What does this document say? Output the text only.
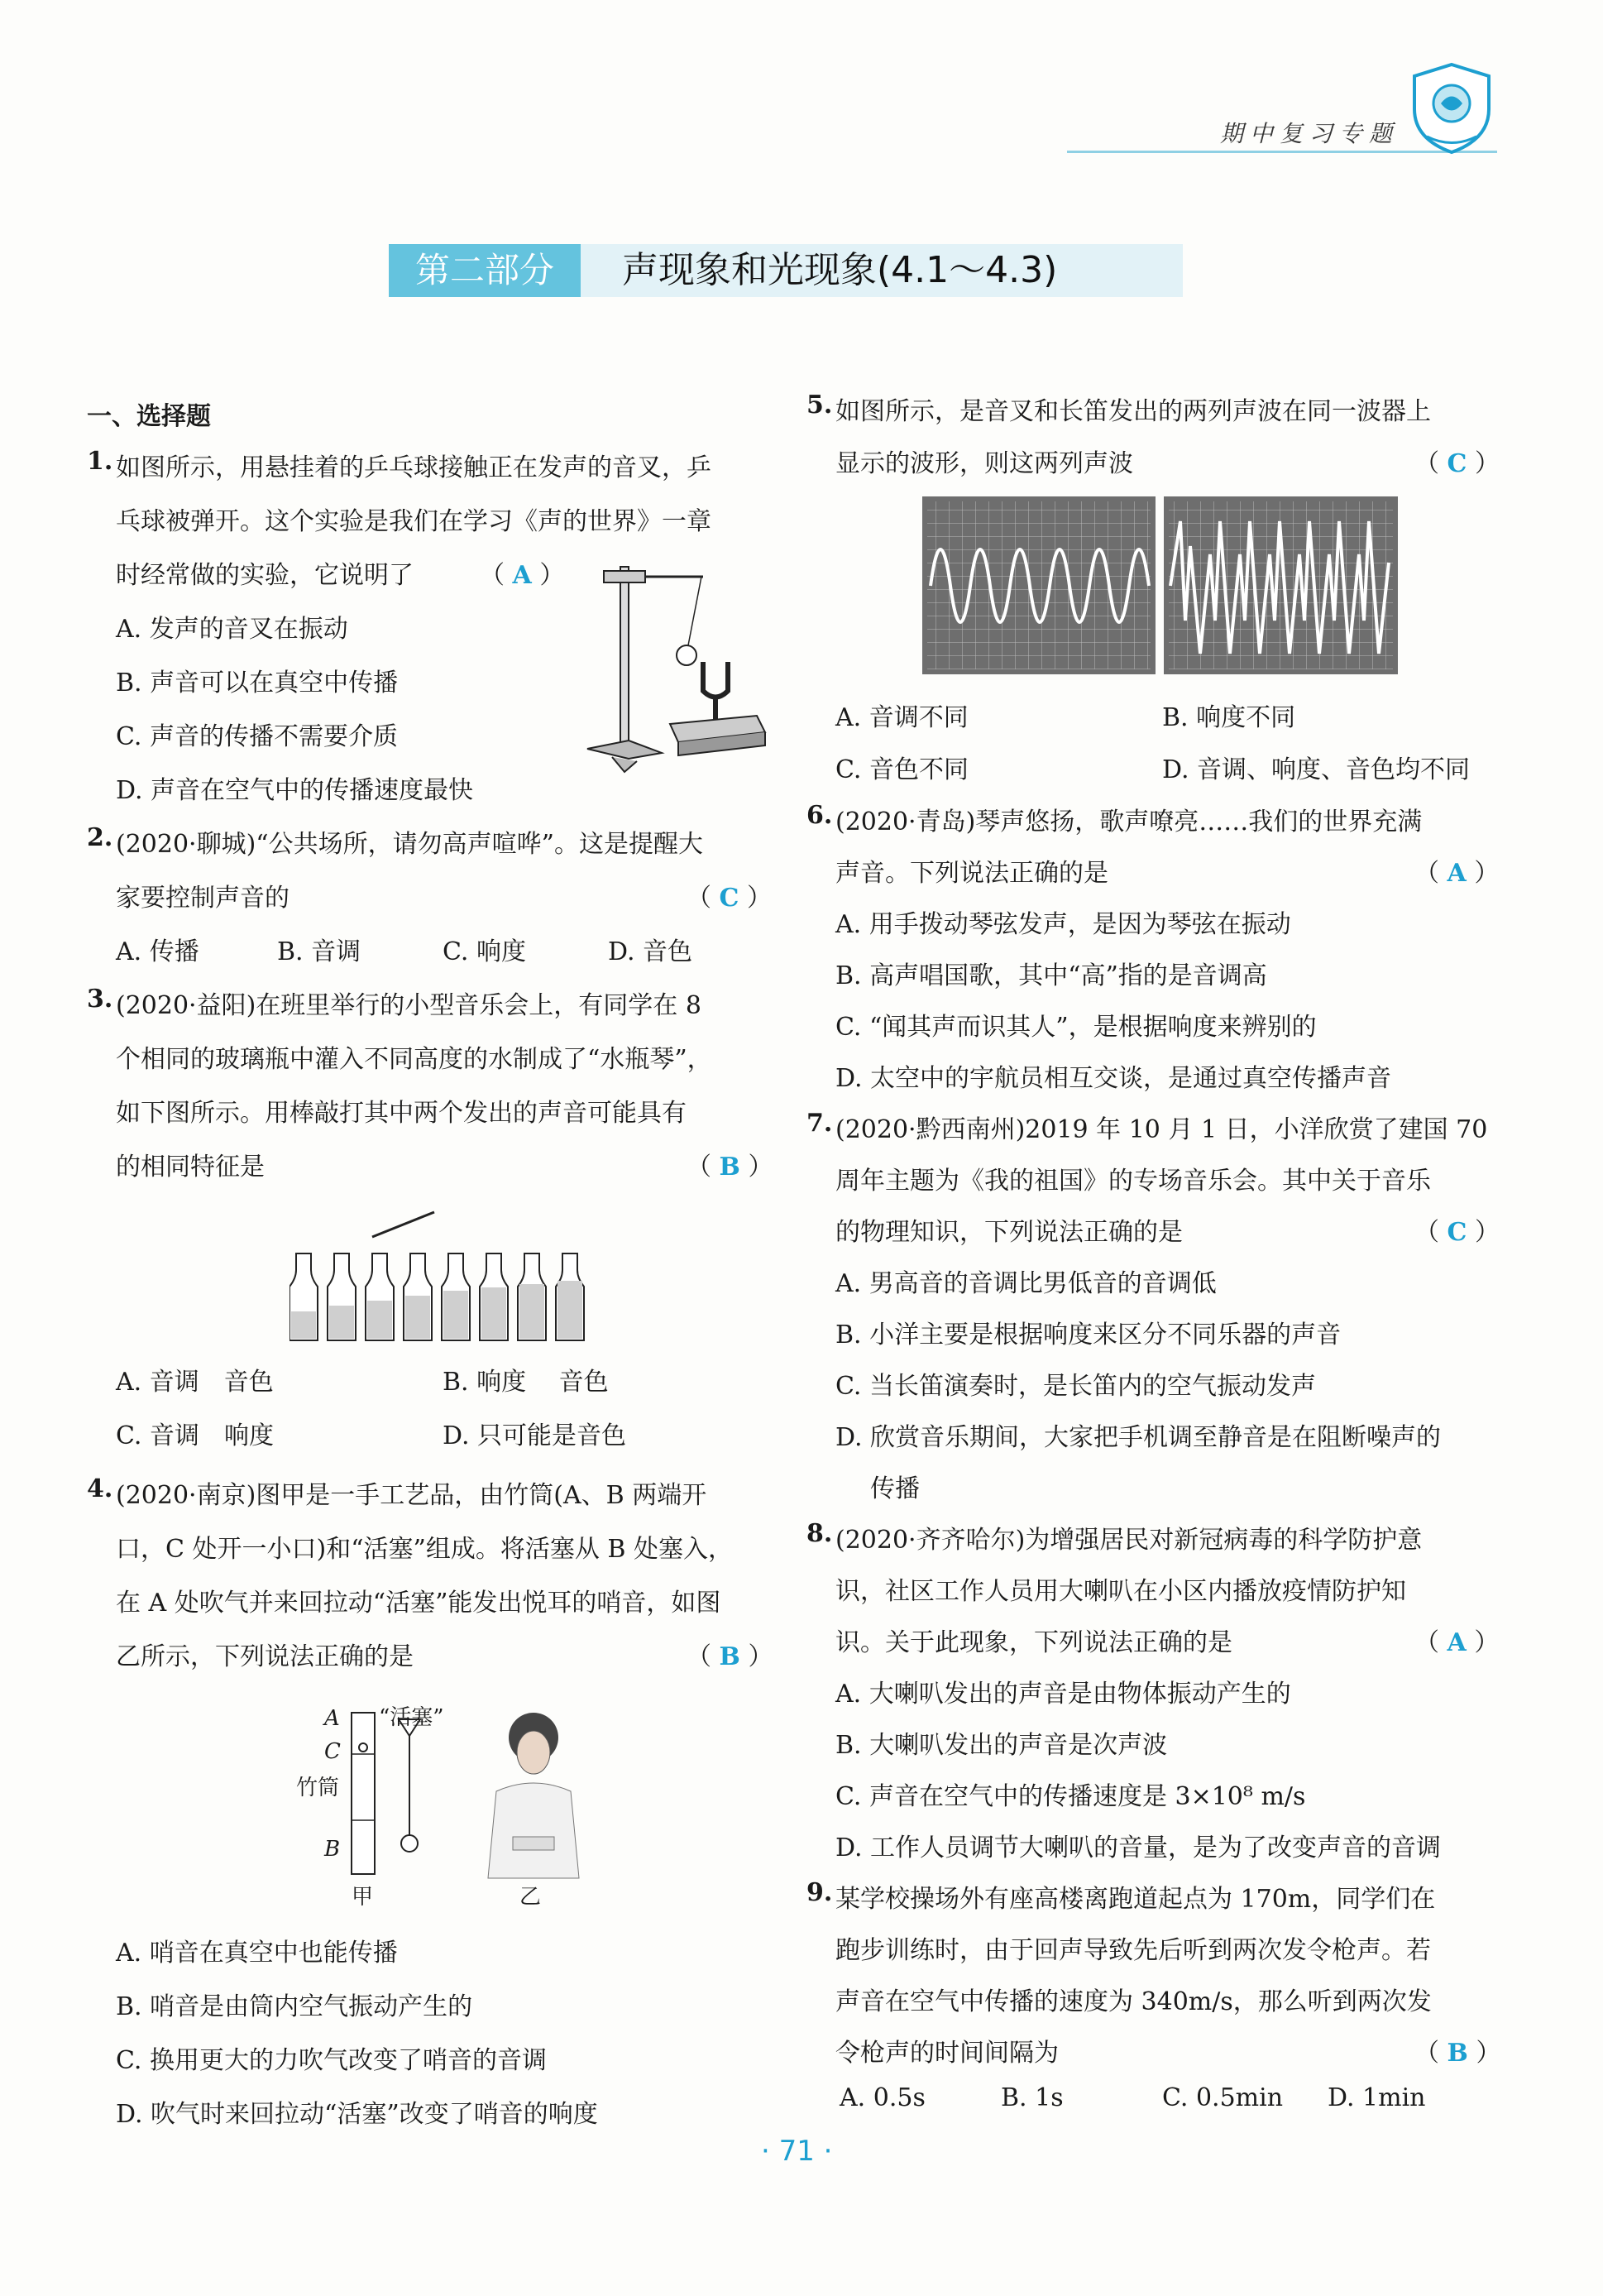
期中复习专题
第二部分	声现象和光现象(4.1～4.3)
一、选择题
1. 如图所示，用悬挂着的乒乓球接触正在发声的音叉，乒
乓球被弹开。这个实验是我们在学习《声的世界》一章
时经常做的实验，它说明了	（ A ）
A. 发声的音叉在振动
B. 声音可以在真空中传播
C. 声音的传播不需要介质
D. 声音在空气中的传播速度最快
2. (2020·聊城)“公共场所，请勿高声喧哗”。这是提醒大
家要控制声音的	（ C ）
A. 传播	B. 音调	C. 响度	D. 音色
3. (2020·益阳)在班里举行的小型音乐会上，有同学在 8
个相同的玻璃瓶中灌入不同高度的水制成了“水瓶琴”，
如下图所示。用棒敲打其中两个发出的声音可能具有
的相同特征是	（ B ）
A. 音调　音色	B. 响度　 音色
C. 音调　响度	D. 只可能是音色
4. (2020·南京)图甲是一手工艺品，由竹筒(A、B 两端开
口，C 处开一小口)和“活塞”组成。将活塞从 B 处塞入，
在 A 处吹气并来回拉动“活塞”能发出悦耳的哨音，如图
乙所示，下列说法正确的是	（ B ）
A
C
竹筒
B
“活塞”
甲	乙
A. 哨音在真空中也能传播
B. 哨音是由筒内空气振动产生的
C. 换用更大的力吹气改变了哨音的音调
D. 吹气时来回拉动“活塞”改变了哨音的响度
5. 如图所示，是音叉和长笛发出的两列声波在同一波器上
显示的波形，则这两列声波	（ C ）
A. 音调不同	B. 响度不同
C. 音色不同	D. 音调、响度、音色均不同
6. (2020·青岛)琴声悠扬，歌声嘹亮……我们的世界充满
声音。下列说法正确的是	（ A ）
A. 用手拨动琴弦发声，是因为琴弦在振动
B. 高声唱国歌，其中“高”指的是音调高
C. “闻其声而识其人”，是根据响度来辨别的
D. 太空中的宇航员相互交谈，是通过真空传播声音
7. (2020·黔西南州)2019 年 10 月 1 日，小洋欣赏了建国 70
周年主题为《我的祖国》的专场音乐会。其中关于音乐
的物理知识，下列说法正确的是	（ C ）
A. 男高音的音调比男低音的音调低
B. 小洋主要是根据响度来区分不同乐器的声音
C. 当长笛演奏时，是长笛内的空气振动发声
D. 欣赏音乐期间，大家把手机调至静音是在阻断噪声的
传播
8. (2020·齐齐哈尔)为增强居民对新冠病毒的科学防护意
识，社区工作人员用大喇叭在小区内播放疫情防护知
识。关于此现象，下列说法正确的是	（ A ）
A. 大喇叭发出的声音是由物体振动产生的
B. 大喇叭发出的声音是次声波
C. 声音在空气中的传播速度是 3×10⁸ m/s
D. 工作人员调节大喇叭的音量，是为了改变声音的音调
9. 某学校操场外有座高楼离跑道起点为 170m，同学们在
跑步训练时，由于回声导致先后听到两次发令枪声。若
声音在空气中传播的速度为 340m/s，那么听到两次发
令枪声的时间间隔为	（ B ）
A. 0.5s	B. 1s	C. 0.5min D. 1min
· 71 ·
